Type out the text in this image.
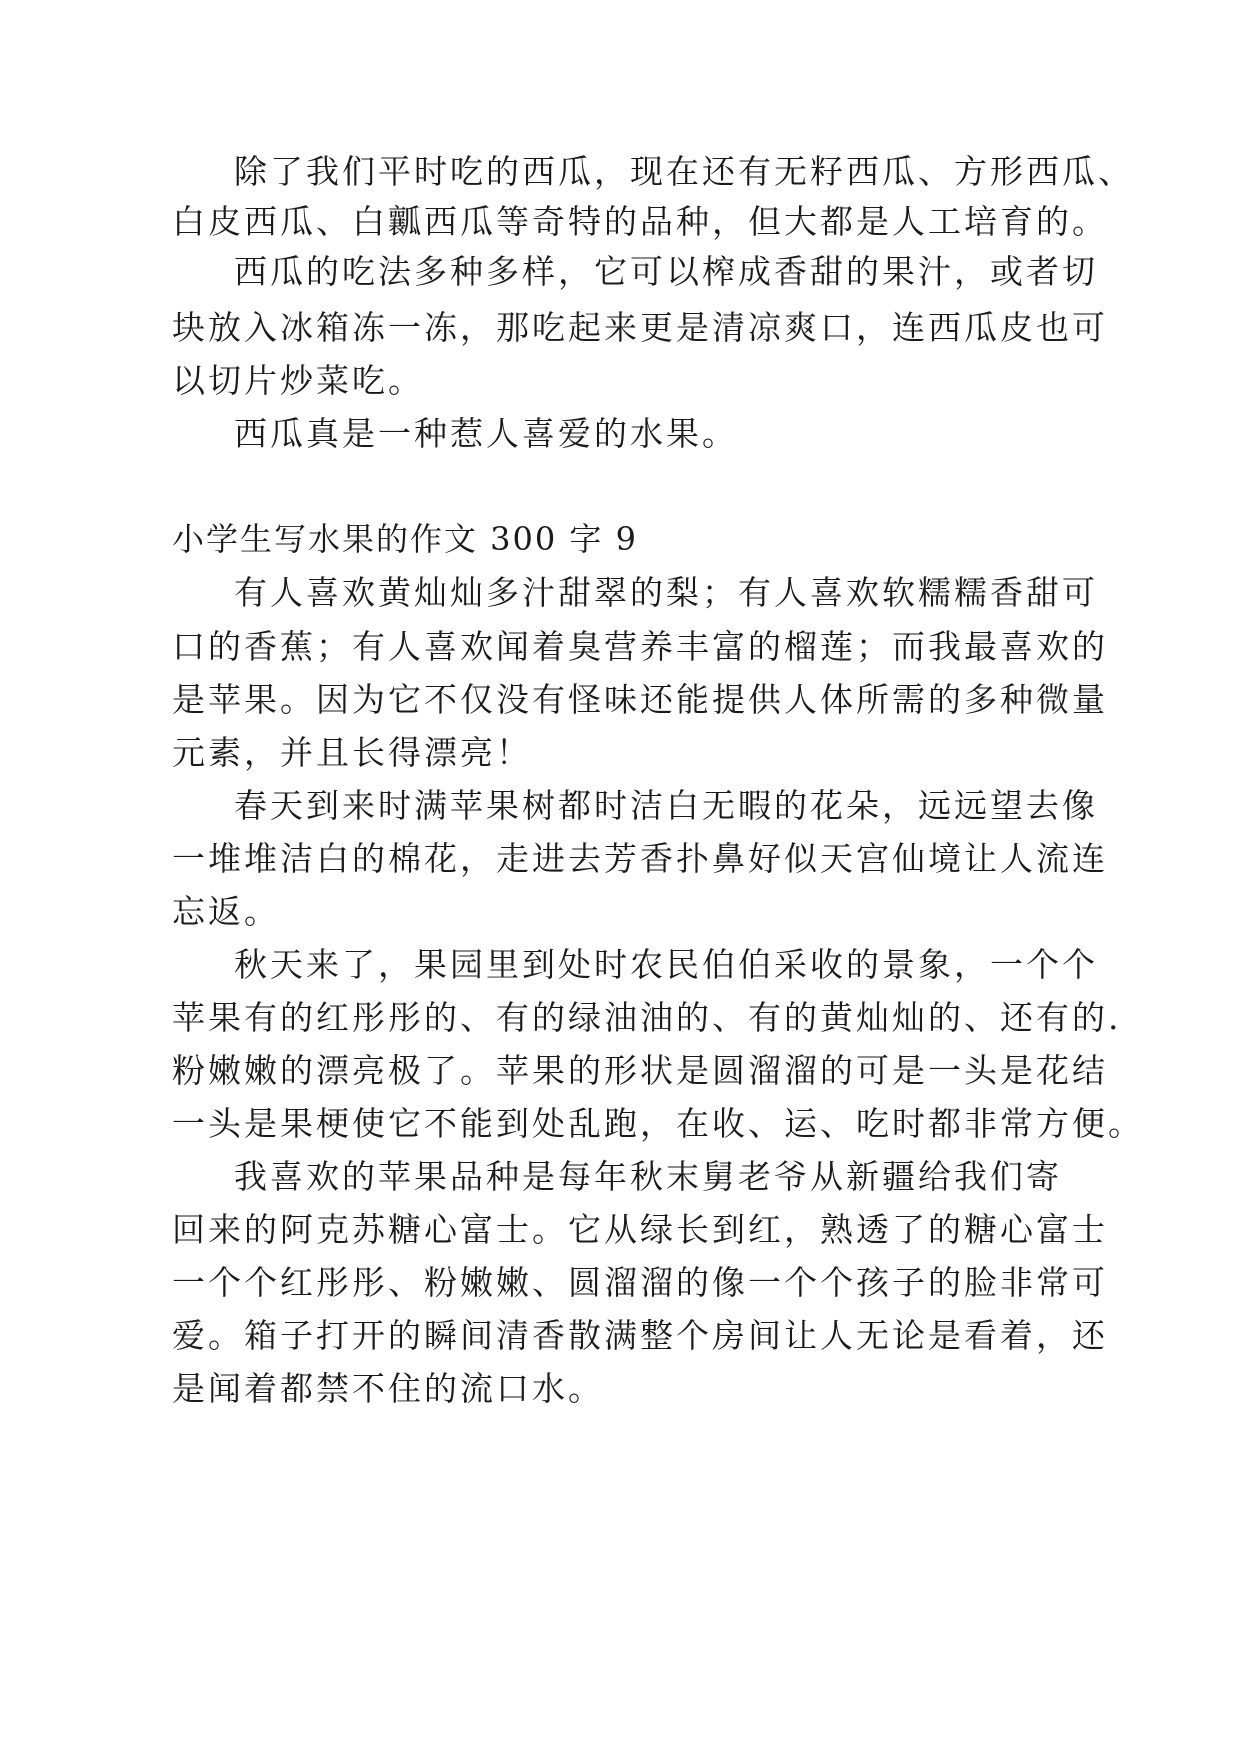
除了我们平时吃的西瓜，现在还有无籽西瓜、方形西瓜、
白皮西瓜、白瓤西瓜等奇特的品种，但大都是人工培育的。
西瓜的吃法多种多样，它可以榨成香甜的果汁，或者切
块放入冰箱冻一冻，那吃起来更是清凉爽口，连西瓜皮也可
以切片炒菜吃。
西瓜真是一种惹人喜爱的水果。
小学生写水果的作文 300 字 9
有人喜欢黄灿灿多汁甜翠的梨；有人喜欢软糯糯香甜可
口的香蕉；有人喜欢闻着臭营养丰富的榴莲；而我最喜欢的
是苹果。因为它不仅没有怪味还能提供人体所需的多种微量
元素，并且长得漂亮！
春天到来时满苹果树都时洁白无暇的花朵，远远望去像
一堆堆洁白的棉花，走进去芳香扑鼻好似天宫仙境让人流连
忘返。
秋天来了，果园里到处时农民伯伯采收的景象，一个个
苹果有的红彤彤的、有的绿油油的、有的黄灿灿的、还有的.
粉嫩嫩的漂亮极了。苹果的形状是圆溜溜的可是一头是花结
一头是果梗使它不能到处乱跑，在收、运、吃时都非常方便。
我喜欢的苹果品种是每年秋末舅老爷从新疆给我们寄
回来的阿克苏糖心富士。它从绿长到红，熟透了的糖心富士
一个个红彤彤、粉嫩嫩、圆溜溜的像一个个孩子的脸非常可
爱。箱子打开的瞬间清香散满整个房间让人无论是看着，还
是闻着都禁不住的流口水。
